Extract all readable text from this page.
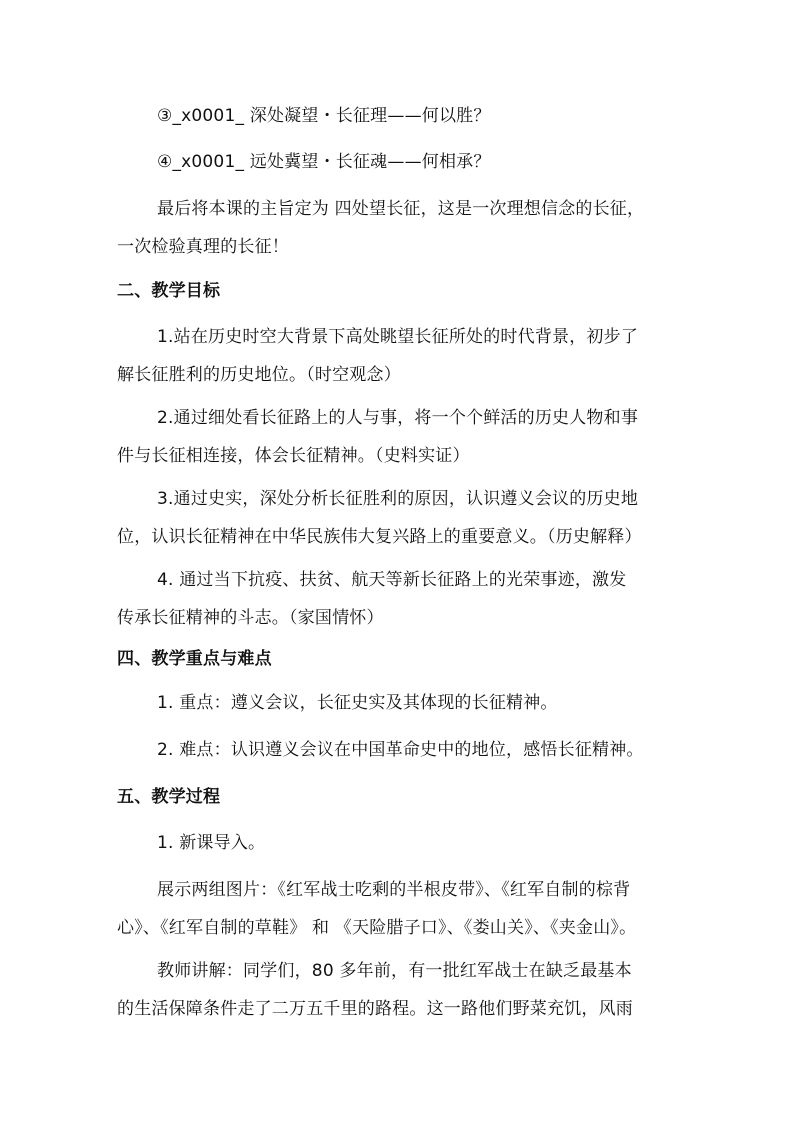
③_x0001_ 深处凝望・长征理——何以胜？
④_x0001_ 远处冀望・长征魂——何相承？
最后将本课的主旨定为 四处望长征，这是一次理想信念的长征，
一次检验真理的长征！
二、教学目标
1.站在历史时空大背景下高处眺望长征所处的时代背景，初步了
解长征胜利的历史地位。（时空观念）
2.通过细处看长征路上的人与事，将一个个鲜活的历史人物和事
件与长征相连接，体会长征精神。（史料实证）
3.通过史实，深处分析长征胜利的原因，认识遵义会议的历史地
位，认识长征精神在中华民族伟大复兴路上的重要意义。（历史解释）
4. 通过当下抗疫、扶贫、航天等新长征路上的光荣事迹，激发
传承长征精神的斗志。（家国情怀）
四、教学重点与难点
1. 重点：遵义会议，长征史实及其体现的长征精神。
2. 难点：认识遵义会议在中国革命史中的地位，感悟长征精神。
五、教学过程
1. 新课导入。
展示两组图片：《红军战士吃剩的半根皮带》、《红军自制的棕背
心》、《红军自制的草鞋》 和 《天险腊子口》、《娄山关》、《夹金山》。
教师讲解：同学们，80 多年前，有一批红军战士在缺乏最基本
的生活保障条件走了二万五千里的路程。这一路他们野菜充饥，风雨
